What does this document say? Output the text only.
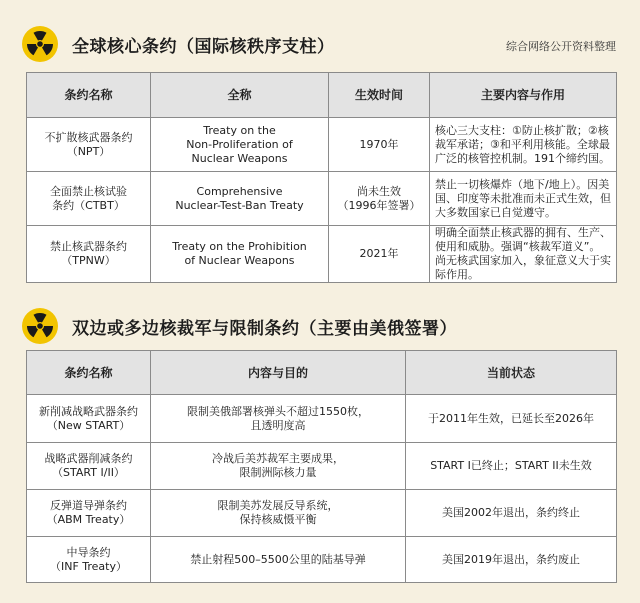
全球核心条约（国际核秩序支柱）	综合网络公开资料整理
条约名称	全称	生效时间	主要内容与作用

不扩散核武器条约
（NPT）	Treaty on the
Non-Proliferation of
Nuclear Weapons	1970年	核心三大支柱：①防止核扩散；②核裁军承诺；③和平利用核能。全球最广泛的核管控机制。191个缔约国。

全面禁止核试验
条约（CTBT）	Comprehensive
Nuclear-Test-Ban Treaty	尚未生效
（1996年签署）	禁止一切核爆炸（地下/地上）。因美国、印度等未批准而未正式生效，但大多数国家已自觉遵守。

禁止核武器条约
（TPNW）	Treaty on the Prohibition
of Nuclear Weapons	2021年	明确全面禁止核武器的拥有、生产、使用和威胁。强调“核裁军道义”。尚无核武国家加入，象征意义大于实际作用。
双边或多边核裁军与限制条约（主要由美俄签署）
条约名称	内容与目的	当前状态

新削减战略武器条约
（New START）	限制美俄部署核弹头不超过1550枚，
且透明度高	于2011年生效，已延长至2026年

战略武器削减条约
（START I/II）	冷战后美苏裁军主要成果，
限制洲际核力量	START I已终止；START II未生效

反弹道导弹条约
（ABM Treaty）	限制美苏发展反导系统，
保持核威慑平衡	美国2002年退出，条约终止

中导条约
（INF Treaty）	禁止射程500–5500公里的陆基导弹	美国2019年退出，条约废止
